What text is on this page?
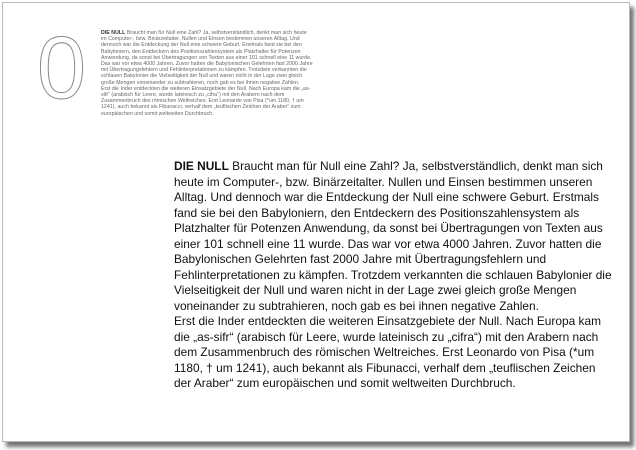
0	DIE NULL Braucht man für Null eine Zahl? Ja, selbstverständlich, denkt man sich heute im Computer-, bzw. Binärzeitalter. Nullen und Einsen bestimmen unseren Alltag. Und dennoch war die Entdeckung der Null eine schwere Geburt. Erstmals fand sie bei den Babyloniern, den Entdeckern des Positionszahlensystem als Platzhalter für Potenzen Anwendung, da sonst bei Übertragungen von Texten aus einer 101 schnell eine 11 wurde. Das war vor etwa 4000 Jahren. Zuvor hatten die Babylonischen Gelehrten fast 2000 Jahre mit Übertragungsfehlern und Fehlinterpretationen zu kämpfen. Trotzdem verkannten die schlauen Babylonier die Vielseitigkeit der Null und waren nicht in der Lage zwei gleich große Mengen voneinander zu subtrahieren, noch gab es bei ihnen negative Zahlen.

Erst die Inder entdeckten die weiteren Einsatzgebiete der Null. Nach Europa kam die „as-sifr“ (arabisch für Leere, wurde lateinisch zu „cifra“) mit den Arabern nach dem Zusammenbruch des römischen Weltreiches. Erst Leonardo von Pisa (*um 1180, † um 1241), auch bekannt als Fibunacci, verhalf dem „teuflischen Zeichen der Araber“ zum europäischen und somit weltweiten Durchbruch.

DIE NULL Braucht man für Null eine Zahl? Ja, selbstverständlich, denkt man sich heute im Computer-, bzw. Binärzeitalter. Nullen und Einsen bestimmen unseren Alltag. Und dennoch war die Entdeckung der Null eine schwere Geburt. Erstmals fand sie bei den Babyloniern, den Entdeckern des Positionszahlensystem als Platzhalter für Potenzen Anwendung, da sonst bei Übertragungen von Texten aus einer 101 schnell eine 11 wurde. Das war vor etwa 4000 Jahren. Zuvor hatten die Babylonischen Gelehrten fast 2000 Jahre mit Übertragungsfehlern und Fehlinterpretationen zu kämpfen. Trotzdem verkannten die schlauen Babylonier die Vielseitigkeit der Null und waren nicht in der Lage zwei gleich große Mengen voneinander zu subtrahieren, noch gab es bei ihnen negative Zahlen.

Erst die Inder entdeckten die weiteren Einsatzgebiete der Null. Nach Europa kam die „as-sifr“ (arabisch für Leere, wurde lateinisch zu „cifra“) mit den Arabern nach dem Zusammenbruch des römischen Weltreiches. Erst Leonardo von Pisa (*um 1180, † um 1241), auch bekannt als Fibunacci, verhalf dem „teuflischen Zeichen der Araber“ zum europäischen und somit weltweiten Durchbruch.
